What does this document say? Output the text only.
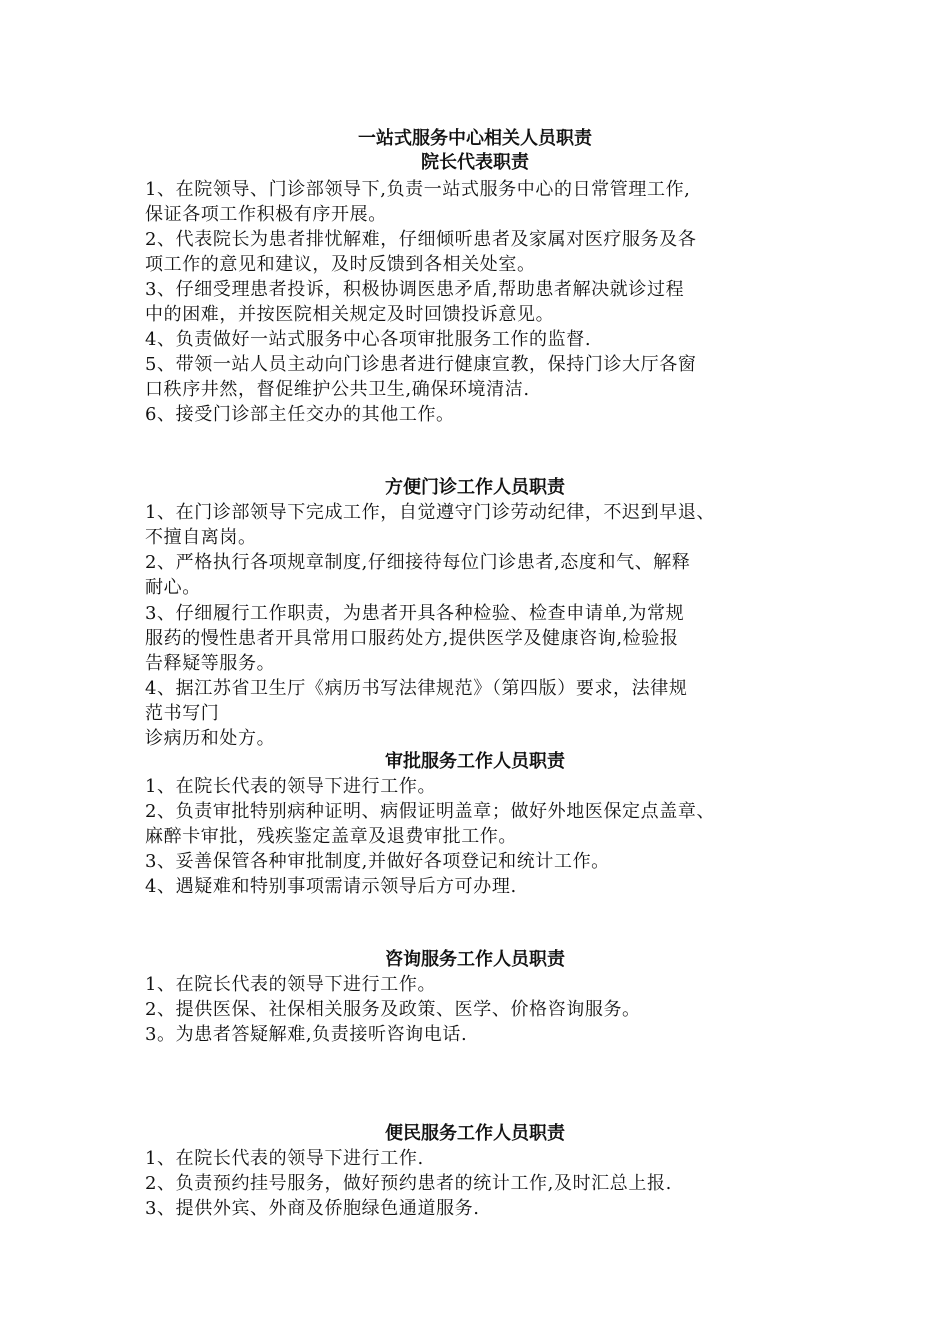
一站式服务中心相关人员职责
院长代表职责
1、在院领导、门诊部领导下,负责一站式服务中心的日常管理工作,
保证各项工作积极有序开展。
2、代表院长为患者排忧解难，仔细倾听患者及家属对医疗服务及各
项工作的意见和建议，及时反馈到各相关处室。
3、仔细受理患者投诉，积极协调医患矛盾,帮助患者解决就诊过程
中的困难，并按医院相关规定及时回馈投诉意见。
4、负责做好一站式服务中心各项审批服务工作的监督.
5、带领一站人员主动向门诊患者进行健康宣教，保持门诊大厅各窗
口秩序井然，督促维护公共卫生,确保环境清洁.
6、接受门诊部主任交办的其他工作。
方便门诊工作人员职责
1、在门诊部领导下完成工作，自觉遵守门诊劳动纪律，不迟到早退、
不擅自离岗。
2、严格执行各项规章制度,仔细接待每位门诊患者,态度和气、解释
耐心。
3、仔细履行工作职责，为患者开具各种检验、检查申请单,为常规
服药的慢性患者开具常用口服药处方,提供医学及健康咨询,检验报
告释疑等服务。
4、据江苏省卫生厅《病历书写法律规范》（第四版）要求，法律规
范书写门
诊病历和处方。
审批服务工作人员职责
1、在院长代表的领导下进行工作。
2、负责审批特别病种证明、病假证明盖章；做好外地医保定点盖章、
麻醉卡审批，残疾鉴定盖章及退费审批工作。
3、妥善保管各种审批制度,并做好各项登记和统计工作。
4、遇疑难和特别事项需请示领导后方可办理.
咨询服务工作人员职责
1、在院长代表的领导下进行工作。
2、提供医保、社保相关服务及政策、医学、价格咨询服务。
3。为患者答疑解难,负责接听咨询电话.
便民服务工作人员职责
1、在院长代表的领导下进行工作.
2、负责预约挂号服务，做好预约患者的统计工作,及时汇总上报.
3、提供外宾、外商及侨胞绿色通道服务.
